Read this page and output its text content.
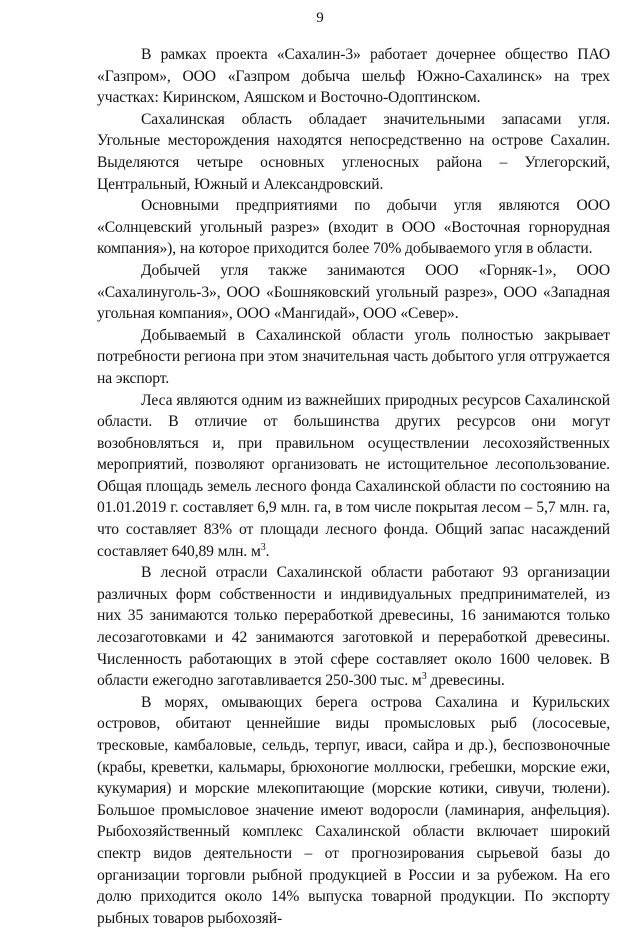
9

В рамках проекта «Сахалин-3» работает дочернее общество ПАО «Газпром», ООО «Газпром добыча шельф Южно-Сахалинск» на трех участках: Киринском, Аяшском и Восточно-Одоптинском.

Сахалинская область обладает значительными запасами угля. Угольные месторождения находятся непосредственно на острове Сахалин. Выделяются четыре основных угленосных района – Углегорский, Центральный, Южный и Александровский.

Основными предприятиями по добычи угля являются ООО «Солнцевский угольный разрез» (входит в ООО «Восточная горнорудная компания»), на которое приходится более 70% добываемого угля в области.

Добычей угля также занимаются ООО «Горняк-1», ООО «Сахалинуголь-3», ООО «Бошняковский угольный разрез», ООО «Западная угольная компания», ООО «Мангидай», ООО «Север».

Добываемый в Сахалинской области уголь полностью закрывает потребности региона при этом значительная часть добытого угля отгружается на экспорт.

Леса являются одним из важнейших природных ресурсов Сахалинской области. В отличие от большинства других ресурсов они могут возобновляться и, при правильном осуществлении лесохозяйственных мероприятий, позволяют организовать не истощительное лесопользование. Общая площадь земель лесного фонда Сахалинской области по состоянию на 01.01.2019 г. составляет 6,9 млн. га, в том числе покрытая лесом – 5,7 млн. га, что составляет 83% от площади лесного фонда. Общий запас насаждений составляет 640,89 млн. $м^3$.

В лесной отрасли Сахалинской области работают 93 организации различных форм собственности и индивидуальных предпринимателей, из них 35 занимаются только переработкой древесины, 16 занимаются только лесозаготовками и 42 занимаются заготовкой и переработкой древесины. Численность работающих в этой сфере составляет около 1600 человек. В области ежегодно заготавливается 250-300 тыс. $м^3$ древесины.

В морях, омывающих берега острова Сахалина и Курильских островов, обитают ценнейшие виды промысловых рыб (лососевые, тресковые, камбаловые, сельдь, терпуг, иваси, сайра и др.), беспозвоночные (крабы, креветки, кальмары, брюхоногие моллюски, гребешки, морские ежи, кукумария) и морские млекопитающие (морские котики, сивучи, тюлени). Большое промысловое значение имеют водоросли (ламинария, анфельция). Рыбохозяйственный комплекс Сахалинской области включает широкий спектр видов деятельности – от прогнозирования сырьевой базы до организации торговли рыбной продукцией в России и за рубежом. На его долю приходится около 14% выпуска товарной продукции. По экспорту рыбных товаров рыбохозяй-
